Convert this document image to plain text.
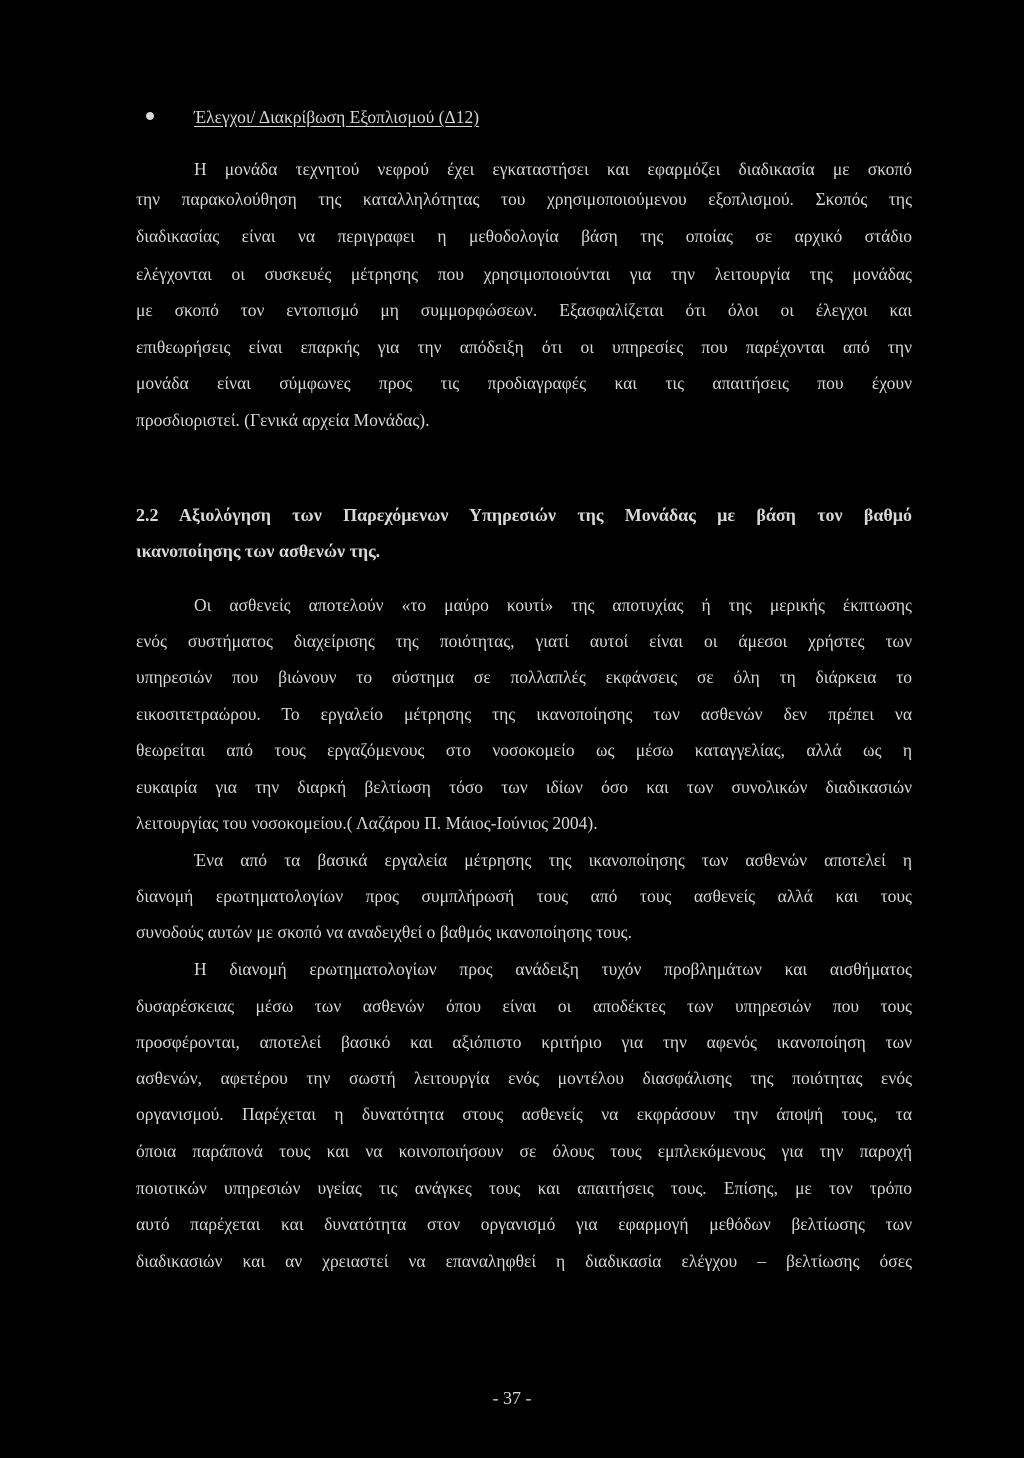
Έλεγχοι/ Διακρίβωση Εξοπλισμού (Δ12)
Η μονάδα τεχνητού νεφρού έχει εγκαταστήσει και εφαρμόζει διαδικασία με σκοπό
την παρακολούθηση της καταλληλότητας του χρησιμοποιούμενου εξοπλισμού. Σκοπός της
διαδικασίας είναι να περιγραφει η μεθοδολογία βάση της οποίας σε αρχικό στάδιο
ελέγχονται οι συσκευές μέτρησης που χρησιμοποιούνται για την λειτουργία της μονάδας
με σκοπό τον εντοπισμό μη συμμορφώσεων. Εξασφαλίζεται ότι όλοι οι έλεγχοι και
επιθεωρήσεις είναι επαρκής για την απόδειξη ότι οι υπηρεσίες που παρέχονται από την
μονάδα είναι σύμφωνες προς τις προδιαγραφές και τις απαιτήσεις που έχουν
προσδιοριστεί. (Γενικά αρχεία Μονάδας).
2.2 Αξιολόγηση των Παρεχόμενων Υπηρεσιών της Μονάδας με βάση τον βαθμό
ικανοποίησης των ασθενών της.
Οι ασθενείς αποτελούν «το μαύρο κουτί» της αποτυχίας ή της μερικής έκπτωσης
ενός συστήματος διαχείρισης της ποιότητας, γιατί αυτοί είναι οι άμεσοι χρήστες των
υπηρεσιών που βιώνουν το σύστημα σε πολλαπλές εκφάνσεις σε όλη τη διάρκεια το
εικοσιτετραώρου. Το εργαλείο μέτρησης της ικανοποίησης των ασθενών δεν πρέπει να
θεωρείται από τους εργαζόμενους στο νοσοκομείο ως μέσω καταγγελίας, αλλά ως η
ευκαιρία για την διαρκή βελτίωση τόσο των ιδίων όσο και των συνολικών διαδικασιών
λειτουργίας του νοσοκομείου.( Λαζάρου Π. Μάιος-Ιούνιος 2004).
Ένα από τα βασικά εργαλεία μέτρησης της ικανοποίησης των ασθενών αποτελεί η
διανομή ερωτηματολογίων προς συμπλήρωσή τους από τους ασθενείς αλλά και τους
συνοδούς αυτών με σκοπό να αναδειχθεί ο βαθμός ικανοποίησης τους.
Η διανομή ερωτηματολογίων προς ανάδειξη τυχόν προβλημάτων και αισθήματος
δυσαρέσκειας μέσω των ασθενών όπου είναι οι αποδέκτες των υπηρεσιών που τους
προσφέρονται, αποτελεί βασικό και αξιόπιστο κριτήριο για την αφενός ικανοποίηση των
ασθενών, αφετέρου την σωστή λειτουργία ενός μοντέλου διασφάλισης της ποιότητας ενός
οργανισμού. Παρέχεται η δυνατότητα στους ασθενείς να εκφράσουν την άποψή τους, τα
όποια παράπονά τους και να κοινοποιήσουν σε όλους τους εμπλεκόμενους για την παροχή
ποιοτικών υπηρεσιών υγείας τις ανάγκες τους και απαιτήσεις τους. Επίσης, με τον τρόπο
αυτό παρέχεται και δυνατότητα στον οργανισμό για εφαρμογή μεθόδων βελτίωσης των
διαδικασιών και αν χρειαστεί να επαναληφθεί η διαδικασία ελέγχου – βελτίωσης όσες
- 37 -
